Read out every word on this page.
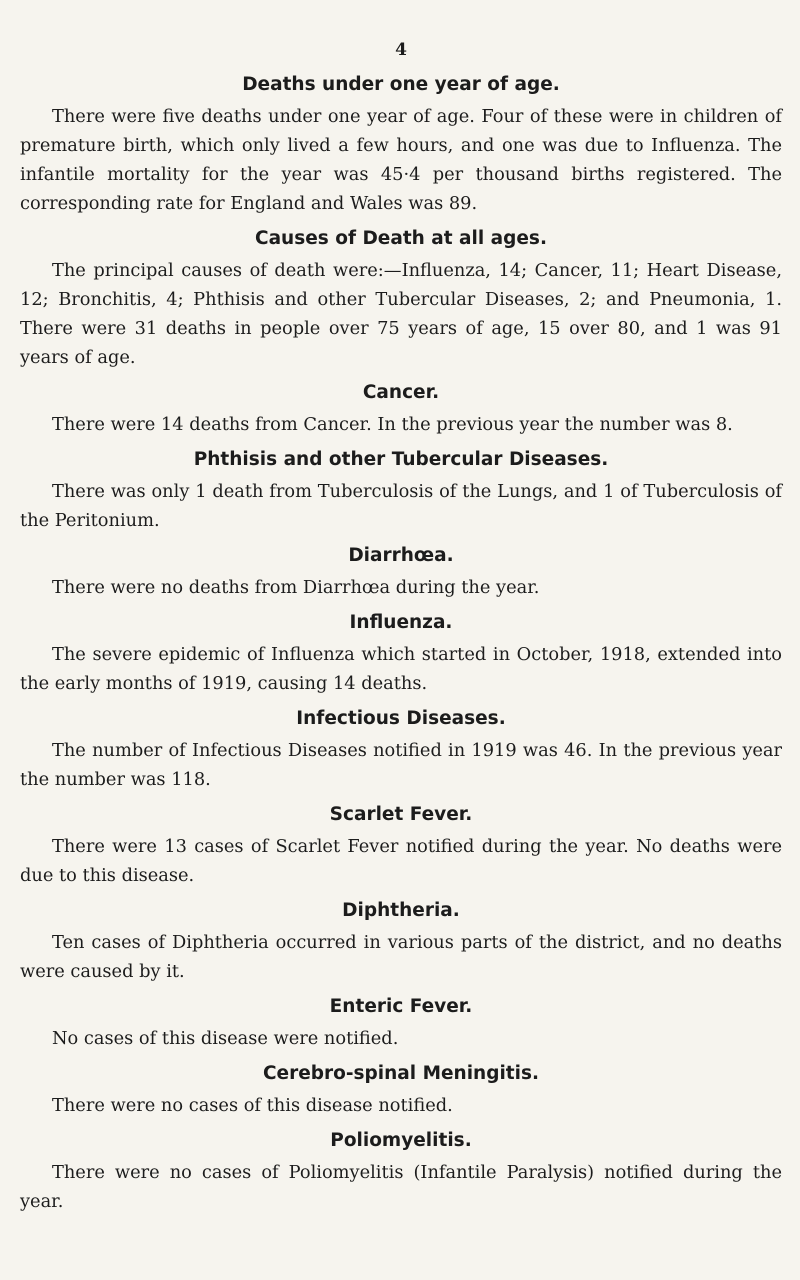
4
Deaths under one year of age.

There were five deaths under one year of age. Four of these were in children of premature birth, which only lived a few hours, and one was due to Influenza. The infantile mortality for the year was 45·4 per thousand births registered. The corresponding rate for England and Wales was 89.

Causes of Death at all ages.

The principal causes of death were:—Influenza, 14; Cancer, 11; Heart Disease, 12; Bronchitis, 4; Phthisis and other Tubercular Diseases, 2; and Pneumonia, 1. There were 31 deaths in people over 75 years of age, 15 over 80, and 1 was 91 years of age.

Cancer.

There were 14 deaths from Cancer. In the previous year the number was 8.

Phthisis and other Tubercular Diseases.

There was only 1 death from Tuberculosis of the Lungs, and 1 of Tuberculosis of the Peritonium.

Diarrhœa.

There were no deaths from Diarrhœa during the year.

Influenza.

The severe epidemic of Influenza which started in October, 1918, extended into the early months of 1919, causing 14 deaths.

Infectious Diseases.

The number of Infectious Diseases notified in 1919 was 46. In the previous year the number was 118.

Scarlet Fever.

There were 13 cases of Scarlet Fever notified during the year. No deaths were due to this disease.

Diphtheria.

Ten cases of Diphtheria occurred in various parts of the district, and no deaths were caused by it.

Enteric Fever.

No cases of this disease were notified.

Cerebro-spinal Meningitis.

There were no cases of this disease notified.

Poliomyelitis.

There were no cases of Poliomyelitis (Infantile Paralysis) notified during the year.
